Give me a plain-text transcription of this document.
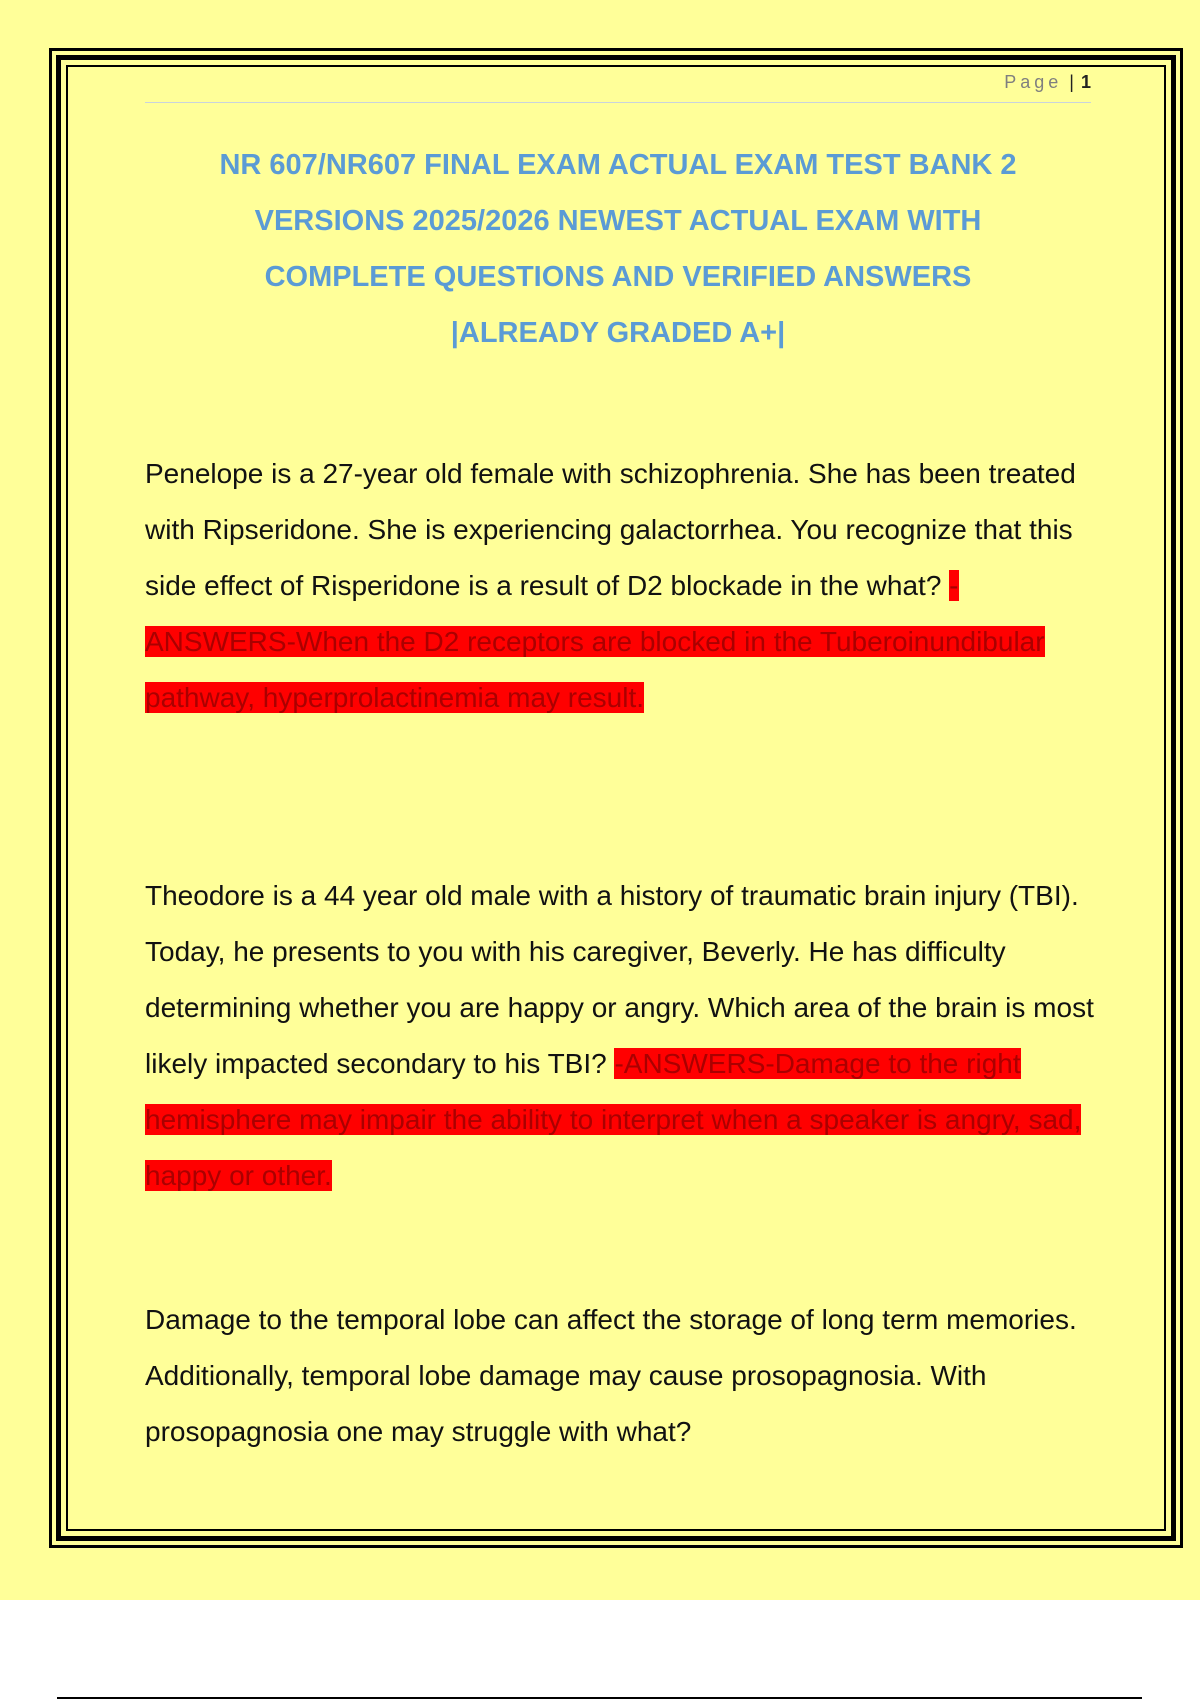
Page | 1
NR 607/NR607 FINAL EXAM ACTUAL EXAM TEST BANK 2
VERSIONS 2025/2026 NEWEST ACTUAL EXAM WITH
COMPLETE QUESTIONS AND VERIFIED ANSWERS
|ALREADY GRADED A+|
Penelope is a 27-year old female with schizophrenia. She has been treated with Ripseridone. She is experiencing galactorrhea. You recognize that this side effect of Risperidone is a result of D2 blockade in the what? -ANSWERS-When the D2 receptors are blocked in the Tuberoinundibular pathway, hyperprolactinemia may result.
Theodore is a 44 year old male with a history of traumatic brain injury (TBI). Today, he presents to you with his caregiver, Beverly. He has difficulty determining whether you are happy or angry. Which area of the brain is most likely impacted secondary to his TBI? -ANSWERS-Damage to the right hemisphere may impair the ability to interpret when a speaker is angry, sad, happy or other.
Damage to the temporal lobe can affect the storage of long term memories. Additionally, temporal lobe damage may cause prosopagnosia. With prosopagnosia one may struggle with what?
